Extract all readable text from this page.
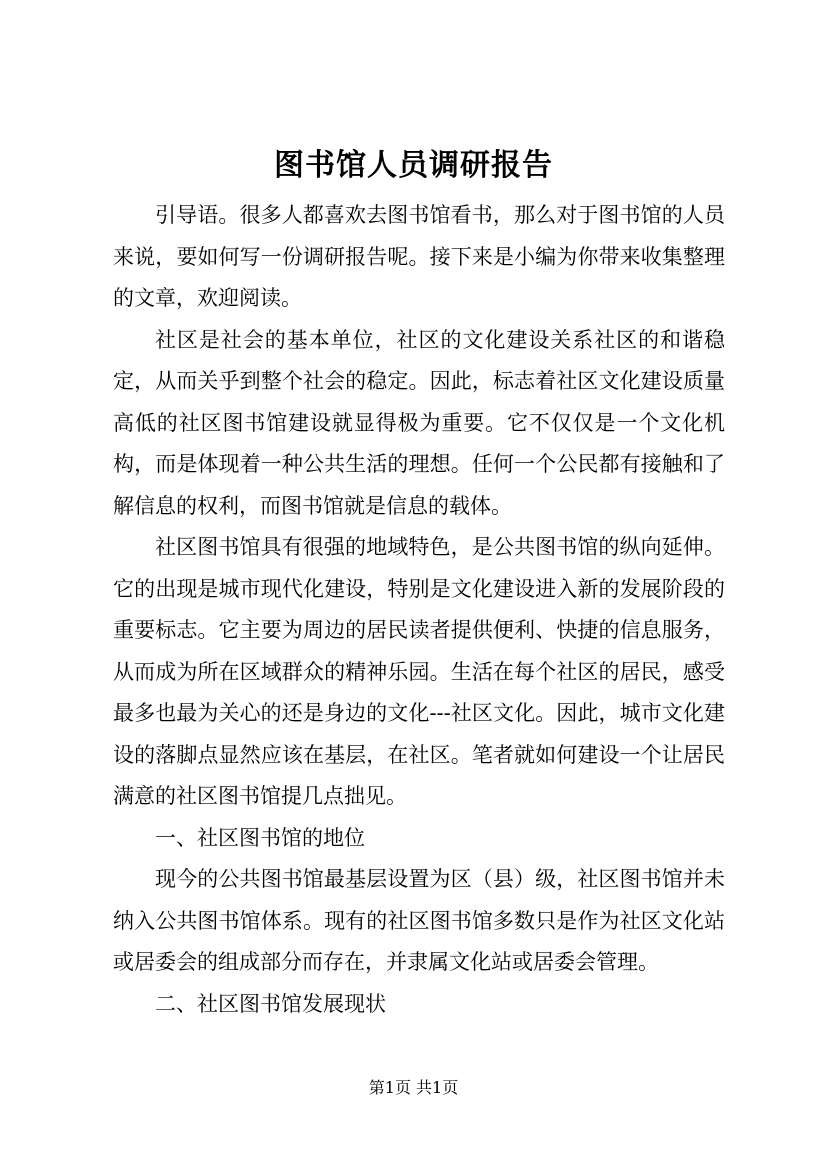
图书馆人员调研报告

引导语。很多人都喜欢去图书馆看书，那么对于图书馆的人员来说，要如何写一份调研报告呢。接下来是小编为你带来收集整理的文章，欢迎阅读。

社区是社会的基本单位，社区的文化建设关系社区的和谐稳定，从而关乎到整个社会的稳定。因此，标志着社区文化建设质量高低的社区图书馆建设就显得极为重要。它不仅仅是一个文化机构，而是体现着一种公共生活的理想。任何一个公民都有接触和了解信息的权利，而图书馆就是信息的载体。

社区图书馆具有很强的地域特色，是公共图书馆的纵向延伸。它的出现是城市现代化建设，特别是文化建设进入新的发展阶段的重要标志。它主要为周边的居民读者提供便利、快捷的信息服务，从而成为所在区域群众的精神乐园。生活在每个社区的居民，感受最多也最为关心的还是身边的文化---社区文化。因此，城市文化建设的落脚点显然应该在基层，在社区。笔者就如何建设一个让居民满意的社区图书馆提几点拙见。

一、社区图书馆的地位

现今的公共图书馆最基层设置为区（县）级，社区图书馆并未纳入公共图书馆体系。现有的社区图书馆多数只是作为社区文化站或居委会的组成部分而存在，并隶属文化站或居委会管理。

二、社区图书馆发展现状

第1页 共1页
